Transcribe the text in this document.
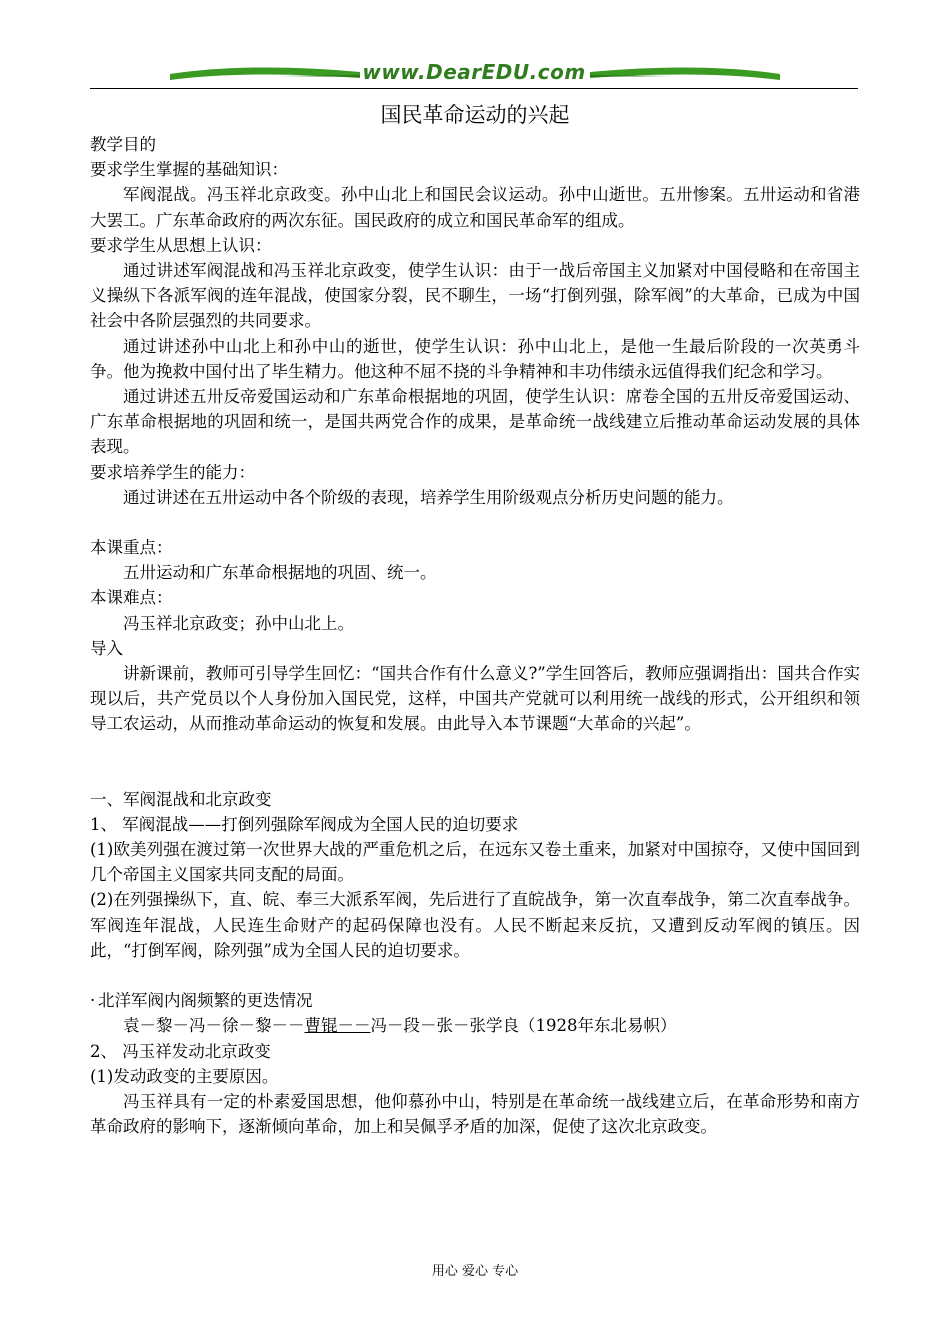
www.DearEDU.com
国民革命运动的兴起

教学目的

要求学生掌握的基础知识：

军阀混战。冯玉祥北京政变。孙中山北上和国民会议运动。孙中山逝世。五卅惨案。五卅运动和省港大罢工。广东革命政府的两次东征。国民政府的成立和国民革命军的组成。

要求学生从思想上认识：

通过讲述军阀混战和冯玉祥北京政变，使学生认识：由于一战后帝国主义加紧对中国侵略和在帝国主义操纵下各派军阀的连年混战，使国家分裂，民不聊生，一场“打倒列强，除军阀”的大革命，已成为中国社会中各阶层强烈的共同要求。

通过讲述孙中山北上和孙中山的逝世，使学生认识：孙中山北上，是他一生最后阶段的一次英勇斗争。他为挽救中国付出了毕生精力。他这种不屈不挠的斗争精神和丰功伟绩永远值得我们纪念和学习。

通过讲述五卅反帝爱国运动和广东革命根据地的巩固，使学生认识：席卷全国的五卅反帝爱国运动、广东革命根据地的巩固和统一，是国共两党合作的成果，是革命统一战线建立后推动革命运动发展的具体表现。

要求培养学生的能力：

通过讲述在五卅运动中各个阶级的表现，培养学生用阶级观点分析历史问题的能力。

本课重点：

五卅运动和广东革命根据地的巩固、统一。

本课难点：

冯玉祥北京政变；孙中山北上。

导入

讲新课前，教师可引导学生回忆：“国共合作有什么意义?”学生回答后，教师应强调指出：国共合作实现以后，共产党员以个人身份加入国民党，这样，中国共产党就可以利用统一战线的形式，公开组织和领导工农运动，从而推动革命运动的恢复和发展。由此导入本节课题“大革命的兴起”。

一、军阀混战和北京政变

1、 军阀混战——打倒列强除军阀成为全国人民的迫切要求

(1)欧美列强在渡过第一次世界大战的严重危机之后，在远东又卷土重来，加紧对中国掠夺，又使中国回到几个帝国主义国家共同支配的局面。

(2)在列强操纵下，直、皖、奉三大派系军阀，先后进行了直皖战争，第一次直奉战争，第二次直奉战争。军阀连年混战，人民连生命财产的起码保障也没有。人民不断起来反抗，又遭到反动军阀的镇压。因此，“打倒军阀，除列强”成为全国人民的迫切要求。

· 北洋军阀内阁频繁的更迭情况

袁－黎－冯－徐－黎－－曹锟－－冯－段－张－张学良（1928年东北易帜）

2、 冯玉祥发动北京政变

(1)发动政变的主要原因。

冯玉祥具有一定的朴素爱国思想，他仰慕孙中山，特别是在革命统一战线建立后，在革命形势和南方革命政府的影响下，逐渐倾向革命，加上和吴佩孚矛盾的加深，促使了这次北京政变。

用心 爱心 专心
